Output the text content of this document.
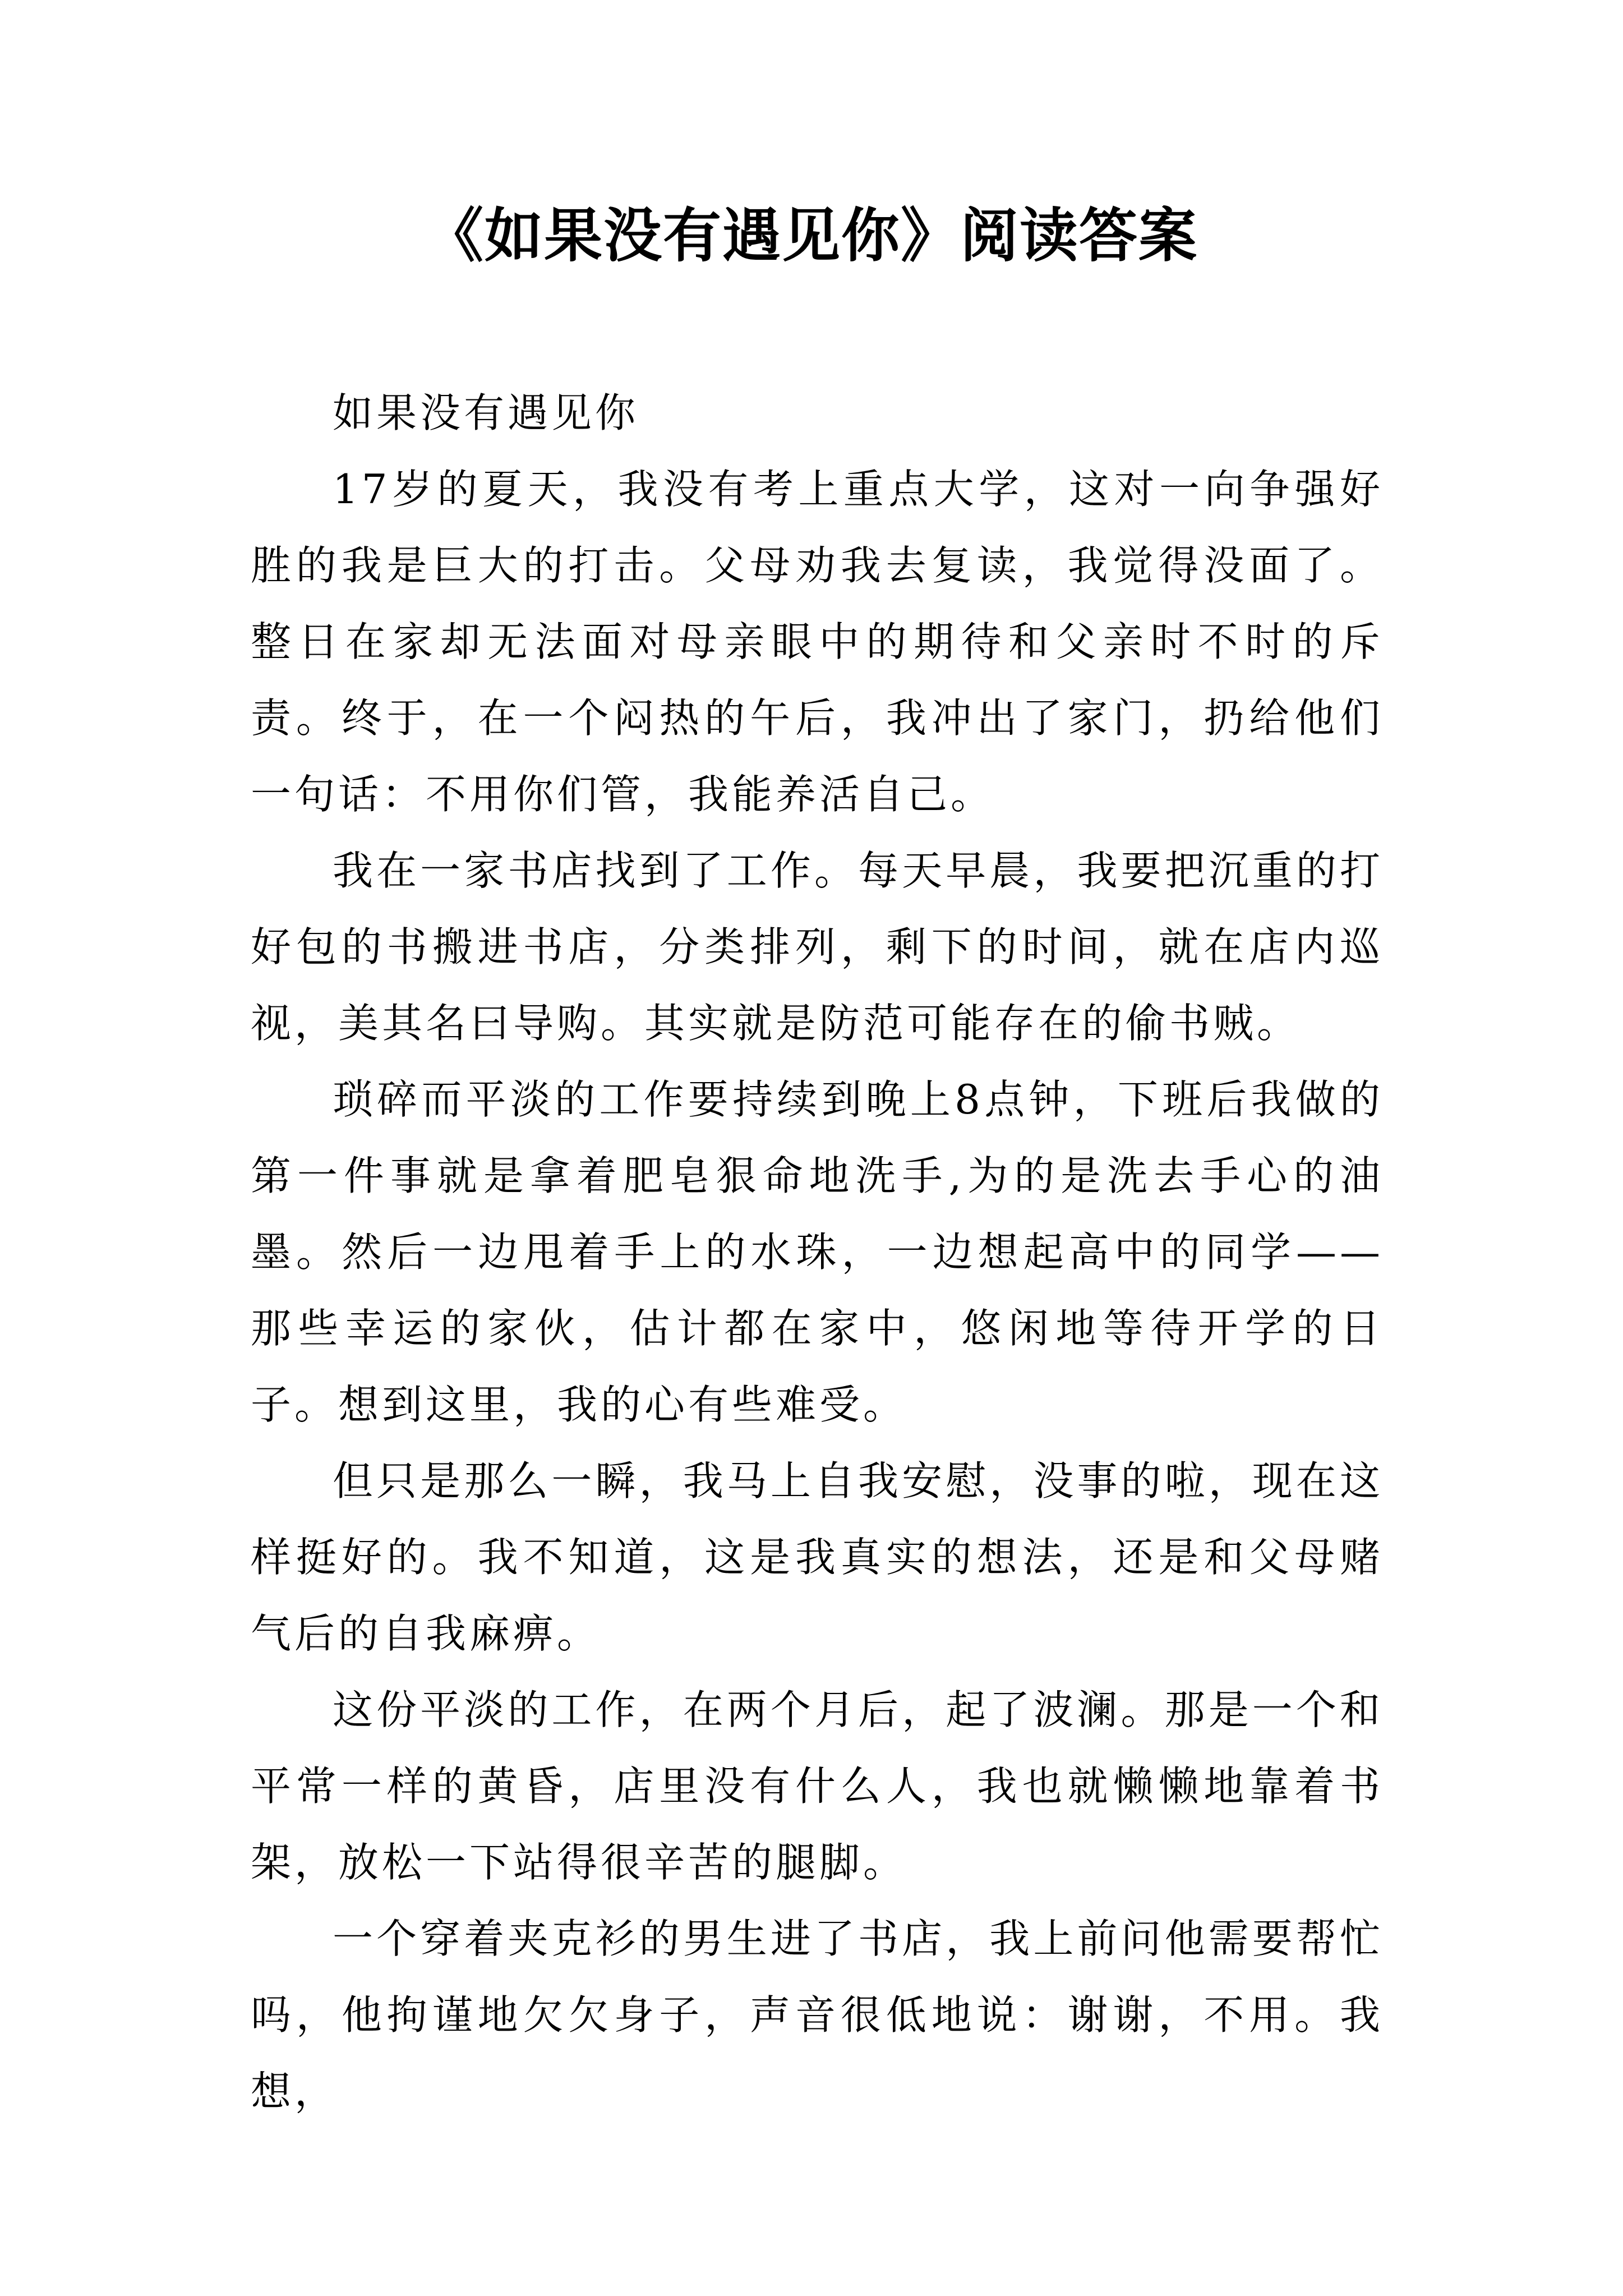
《如果没有遇见你》阅读答案

如果没有遇见你

17岁的夏天，我没有考上重点大学，这对一向争强好胜的我是巨大的打击。父母劝我去复读，我觉得没面了。整日在家却无法面对母亲眼中的期待和父亲时不时的斥责。终于，在一个闷热的午后，我冲出了家门，扔给他们一句话：不用你们管，我能养活自己。

我在一家书店找到了工作。每天早晨，我要把沉重的打好包的书搬进书店，分类排列，剩下的时间，就在店内巡视，美其名曰导购。其实就是防范可能存在的偷书贼。

琐碎而平淡的工作要持续到晚上8点钟，下班后我做的第一件事就是拿着肥皂狠命地洗手,为的是洗去手心的油墨。然后一边甩着手上的水珠，一边想起高中的同学——那些幸运的家伙，估计都在家中，悠闲地等待开学的日子。想到这里，我的心有些难受。

但只是那么一瞬，我马上自我安慰，没事的啦，现在这样挺好的。我不知道，这是我真实的想法，还是和父母赌气后的自我麻痹。

这份平淡的工作，在两个月后，起了波澜。那是一个和平常一样的黄昏，店里没有什么人，我也就懒懒地靠着书架，放松一下站得很辛苦的腿脚。

一个穿着夹克衫的男生进了书店，我上前问他需要帮忙吗，他拘谨地欠欠身子，声音很低地说：谢谢，不用。我想，
